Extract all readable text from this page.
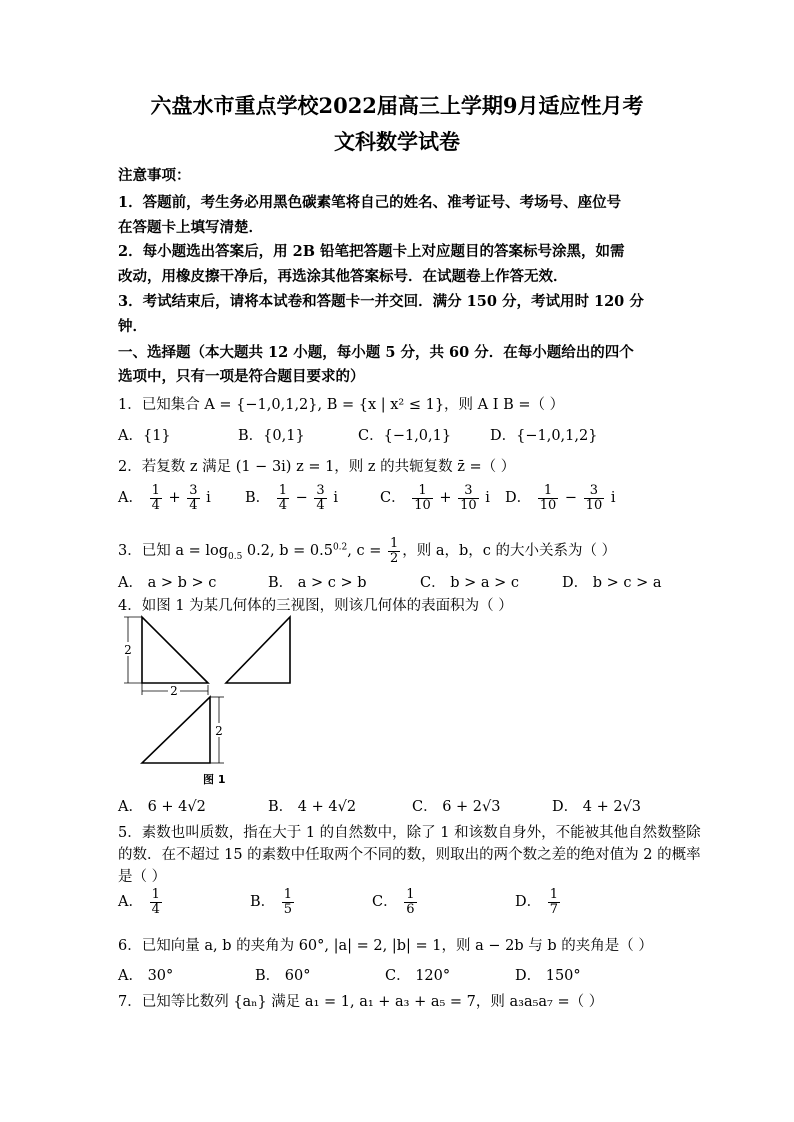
六盘水市重点学校2022届高三上学期9月适应性月考
文科数学试卷
注意事项：
1．答题前，考生务必用黑色碳素笔将自己的姓名、准考证号、考场号、座位号
在答题卡上填写清楚．
2．每小题选出答案后，用 2B 铅笔把答题卡上对应题目的答案标号涂黑，如需
改动，用橡皮擦干净后，再选涂其他答案标号．在试题卷上作答无效．
3．考试结束后，请将本试卷和答题卡一并交回．满分 150 分，考试用时 120 分
钟．
一、选择题（本大题共 12 小题，每小题 5 分，共 60 分．在每小题给出的四个
选项中，只有一项是符合题目要求的）
1．已知集合 A = {−1,0,1,2}, B = {x | x² ≤ 1}，则 A I B =（ ）
A．{1}	B．{0,1}	C．{−1,0,1}	D．{−1,0,1,2}
2．若复数 z 满足 (1 − 3i) z = 1，则 z 的共轭复数 z̄ =（ ）
A． $\frac{1}{4} + \frac{3}{4}$ i B． $\frac{1}{4} - \frac{3}{4}$ i	C． $\frac{1}{10} + \frac{3}{10}$ i D． $\frac{1}{10} - \frac{3}{10}$ i
3．已知 $a = \log_{0.5} 0.2$, $b = 0.5^{0.2}$, $c = \frac{1}{2}$ ，则 a，b，c 的大小关系为（ ）
A． a > b > c	B． a > c > b	C． b > a > c	D． b > c > a
4．如图 1 为某几何体的三视图，则该几何体的表面积为（ ）
2
2
2
图 1
A． 6 + 4√2	B． 4 + 4√2	C． 6 + 2√3	D． 4 + 2√3
5．素数也叫质数，指在大于 1 的自然数中，除了 1 和该数自身外，不能被其他自然数整除
的数．在不超过 15 的素数中任取两个不同的数，则取出的两个数之差的绝对值为 2 的概率
是（ ）
A． $\frac{1}{4}$	B． $\frac{1}{5}$	C． $\frac{1}{6}$	D． $\frac{1}{7}$
6．已知向量 a, b 的夹角为 60°, |a| = 2, |b| = 1，则 a − 2b 与 b 的夹角是（ ）
A． 30°	B． 60°	C． 120°	D． 150°
7．已知等比数列 {aₙ} 满足 a₁ = 1, a₁ + a₃ + a₅ = 7，则 a₃a₅a₇ =（ ）
